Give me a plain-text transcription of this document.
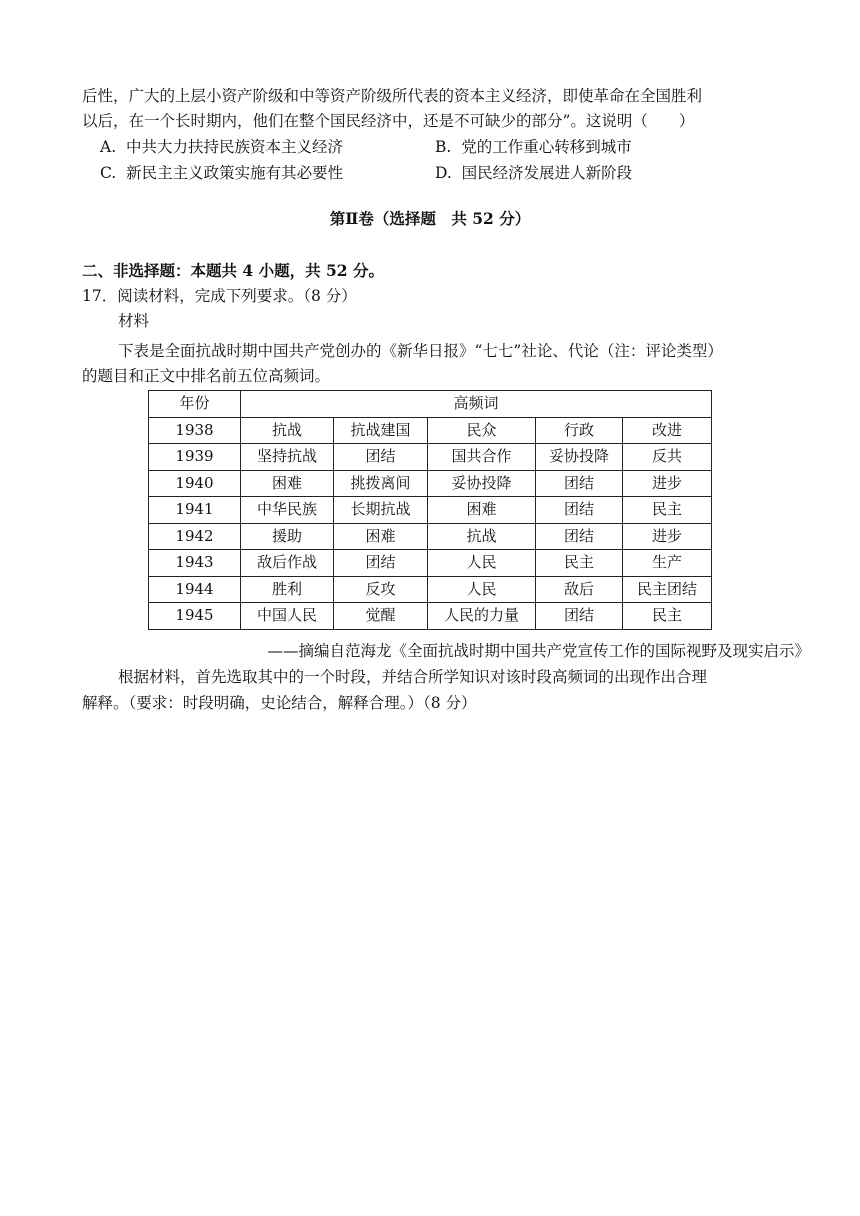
后性，广大的上层小资产阶级和中等资产阶级所代表的资本主义经济，即使革命在全国胜利
以后，在一个长时期内，他们在整个国民经济中，还是不可缺少的部分”。这说明（　　）
A. 中共大力扶持民族资本主义经济	B. 党的工作重心转移到城市
C. 新民主主义政策实施有其必要性	D. 国民经济发展进人新阶段
第Ⅱ卷（选择题　共 52 分）
二、非选择题：本题共 4 小题，共 52 分。
17．阅读材料，完成下列要求。（8 分）
材料
下表是全面抗战时期中国共产党创办的《新华日报》“七七”社论、代论（注：评论类型）
的题目和正文中排名前五位高频词。
年份	高频词				
1938	抗战	抗战建国	民众	行政	改进
1939	坚持抗战	团结	国共合作	妥协投降	反共
1940	困难	挑拨离间	妥协投降	团结	进步
1941	中华民族	长期抗战	困难	团结	民主
1942	援助	困难	抗战	团结	进步
1943	敌后作战	团结	人民	民主	生产
1944	胜利	反攻	人民	敌后	民主团结
1945	中国人民	觉醒	人民的力量	团结	民主
——摘编自范海龙《全面抗战时期中国共产党宣传工作的国际视野及现实启示》
根据材料，首先选取其中的一个时段，并结合所学知识对该时段高频词的出现作出合理
解释。（要求：时段明确，史论结合，解释合理。）（8 分）
